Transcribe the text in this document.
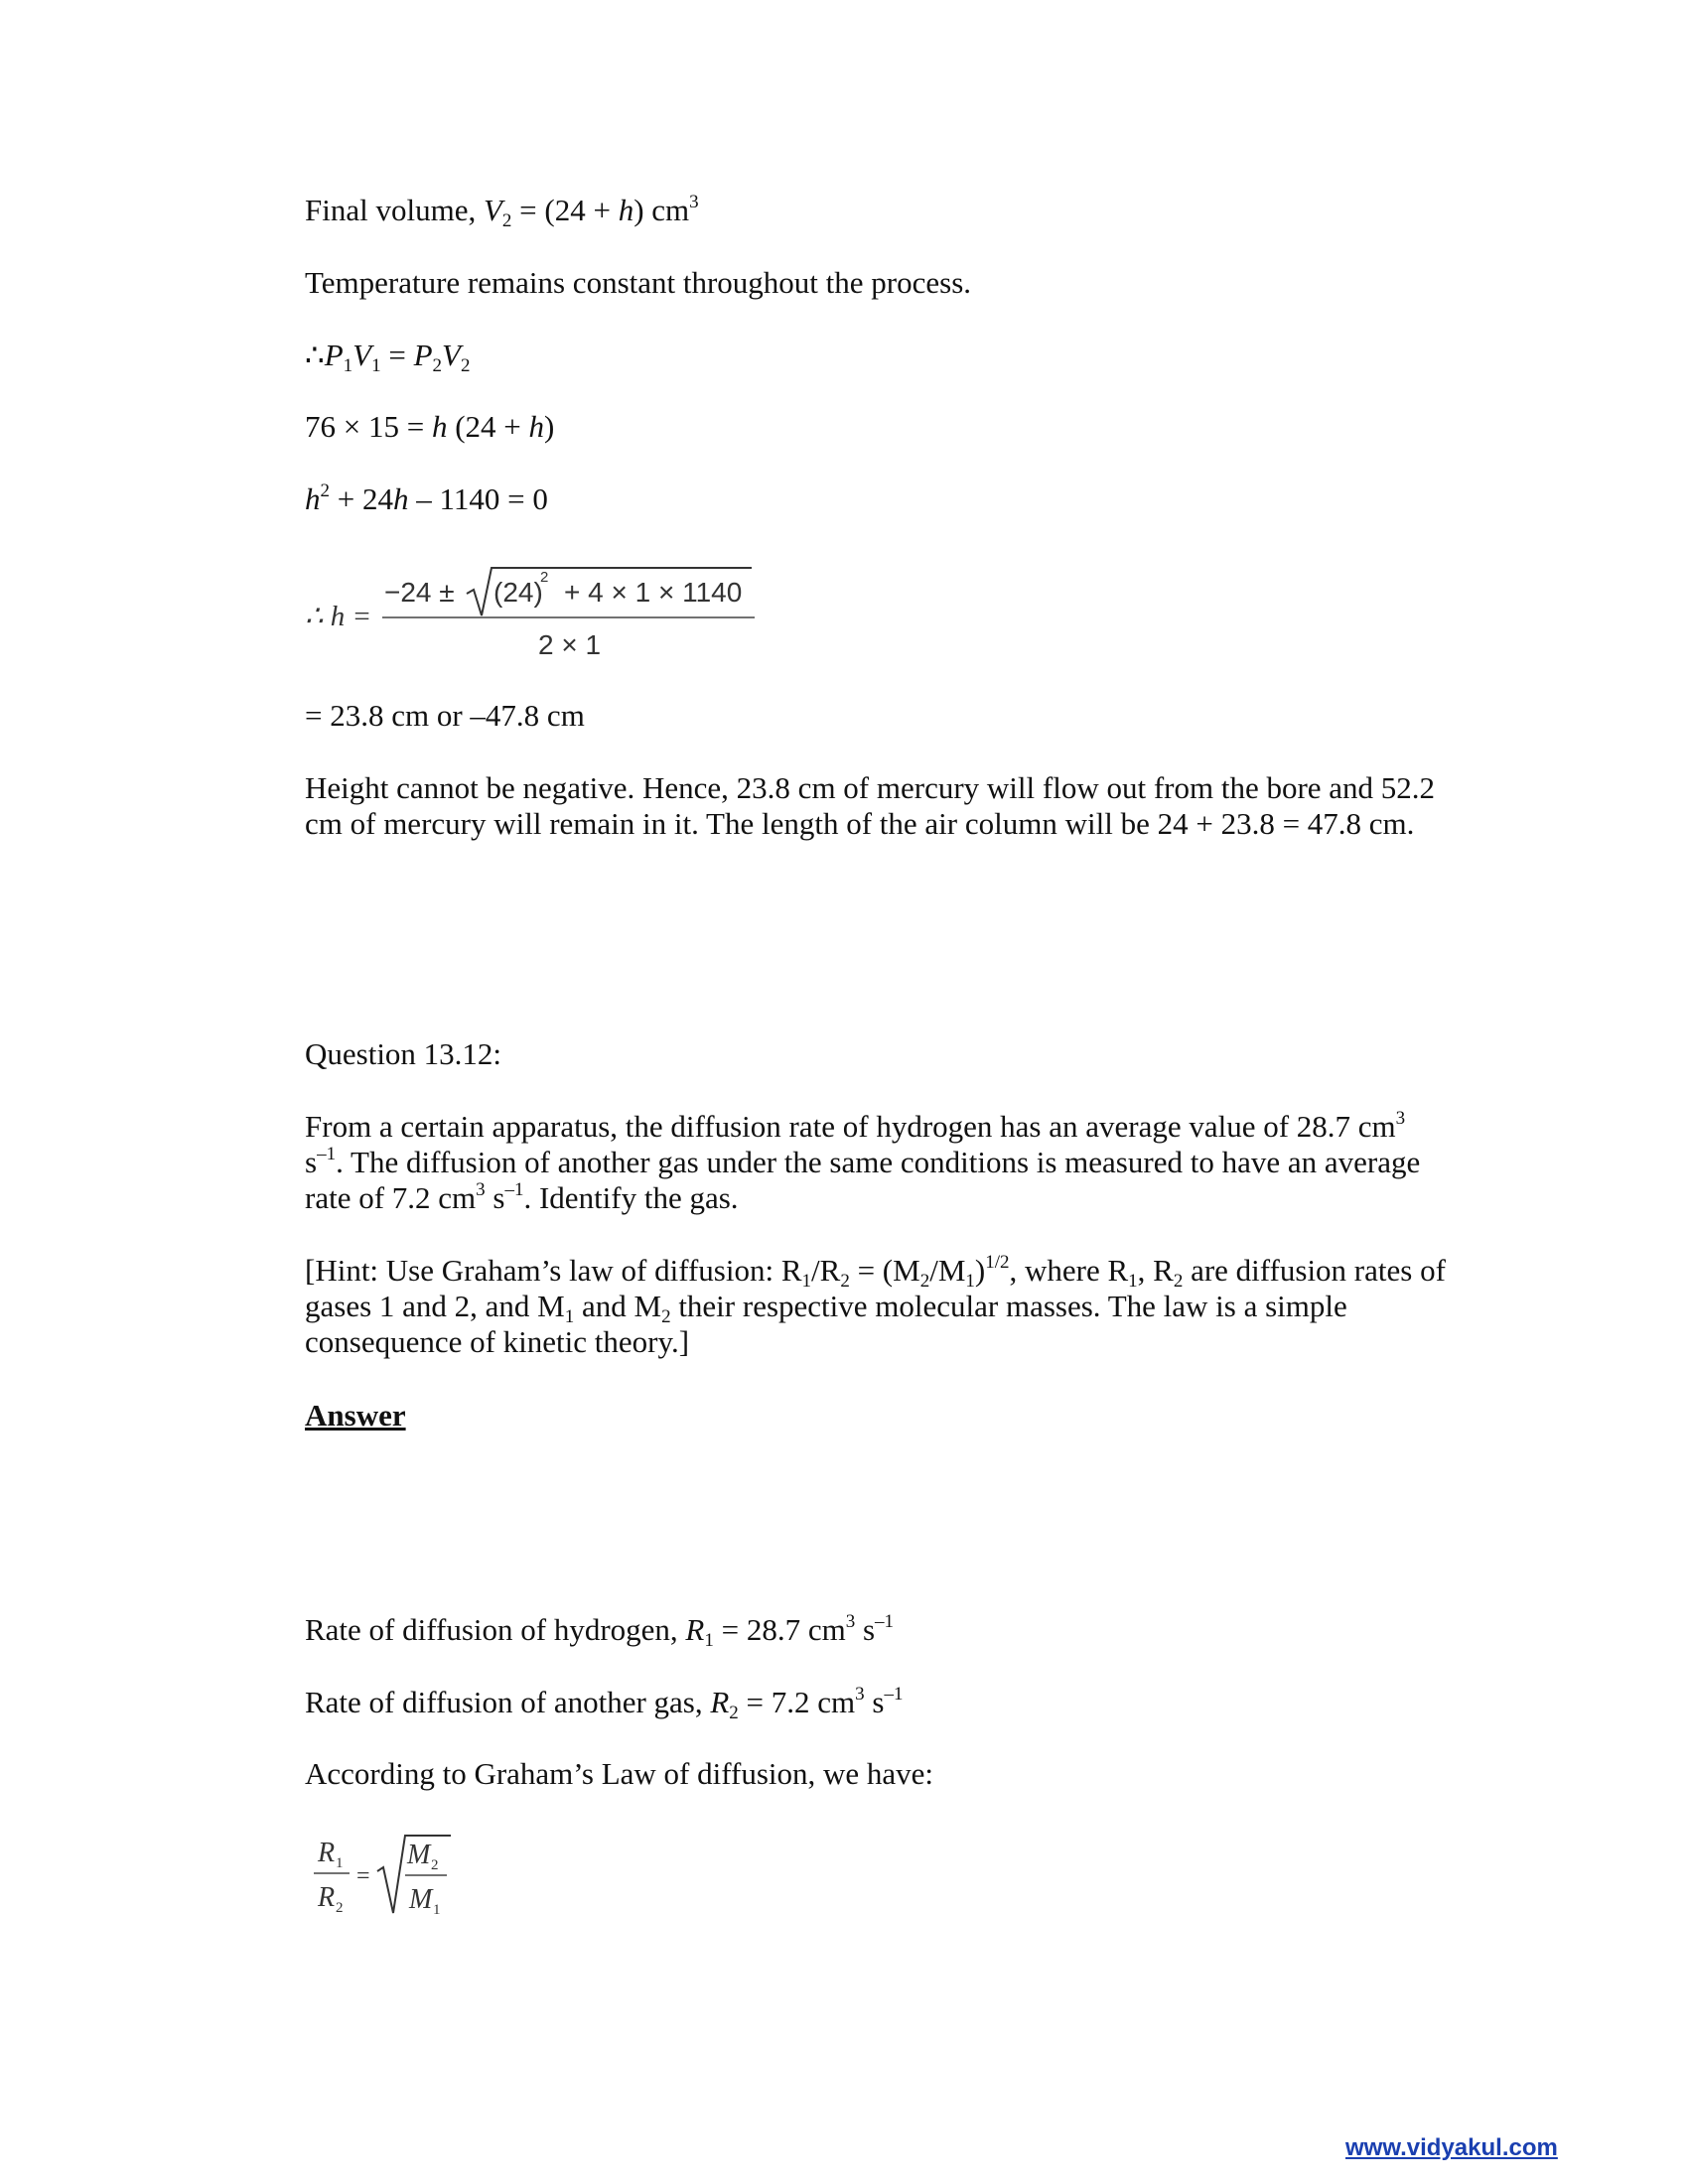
Final volume, $V_2 = (24 + h)$ $cm^3$
Temperature remains constant throughout the process.
$\therefore P_1V_1 = P_2V_2$
76 × 15 = h (24 + h)
$h^2 + 24h - 1140 = 0$
∴ h =
−24 ± (24)
2 + 4 × 1 × 1140
2 × 1
= 23.8 cm or –47.8 cm
Height cannot be negative. Hence, 23.8 cm of mercury will flow out from the bore and 52.2 cm of mercury will remain in it. The length of the air column will be 24 + 23.8 = 47.8 cm.
Question 13.12:
From a certain apparatus, the diffusion rate of hydrogen has an average value of 28.7 $cm^3$
$s^{-1}$. The diffusion of another gas under the same conditions is measured to have an average rate of 7.2 $cm^3$ $s^{-1}$. Identify the gas.
[Hint: Use Graham’s law of diffusion: $R_1/R_2 = (M_2/M_1)^{1/2}$, where $R_1$, $R_2$ are diffusion rates of gases 1 and 2, and $M_1$ and $M_2$ their respective molecular masses. The law is a simple consequence of kinetic theory.]
Answer
Rate of diffusion of hydrogen, $R_1 = 28.7$ $cm^3$ $s^{-1}$
Rate of diffusion of another gas, $R_2 = 7.2$ $cm^3$ $s^{-1}$
According to Graham’s Law of diffusion, we have:
R 1
R 2
=
M 2
M 1
www.vidyakul.com
